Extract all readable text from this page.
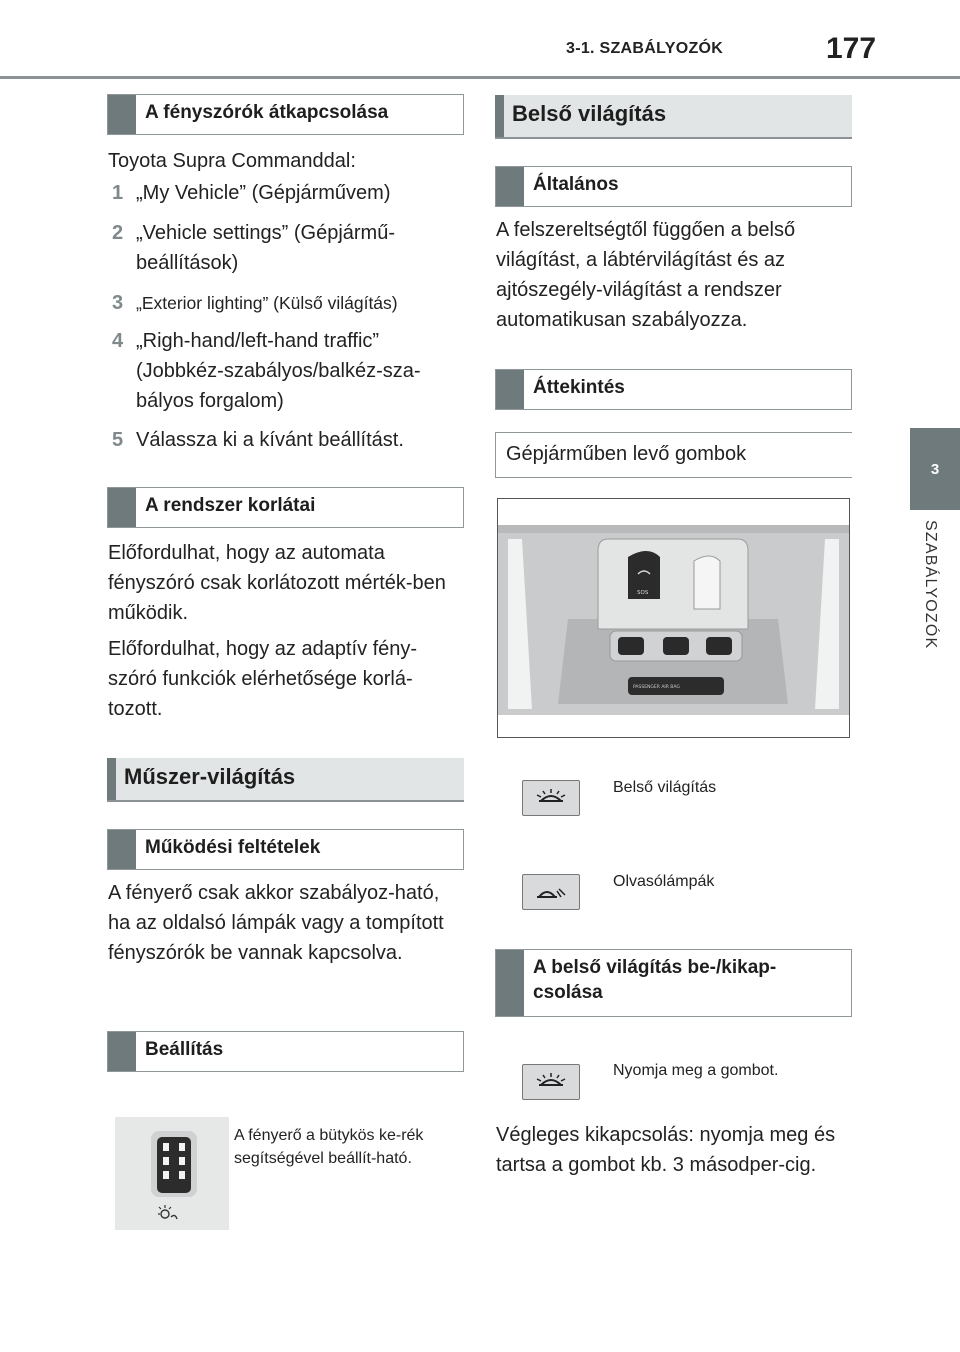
3-1. SZABÁLYOZÓK	177
3
SZABÁLYOZÓK
A fényszórók átkapcsolása
Toyota Supra Commanddal:
1 „My Vehicle” (Gépjárművem)
2 „Vehicle settings” (Gépjármű-beállítások)
3 „Exterior lighting” (Külső világítás)
4 „Righ-hand/left-hand traffic” (Jobbkéz-szabályos/balkéz-sza-bályos forgalom)
5 Válassza ki a kívánt beállítást.
A rendszer korlátai
Előfordulhat, hogy az automata fényszóró csak korlátozott mérték-ben működik.
Előfordulhat, hogy az adaptív fény-szóró funkciók elérhetősége korlá-tozott.
Műszer-világítás
Működési feltételek
A fényerő csak akkor szabályoz-ható, ha az oldalsó lámpák vagy a tompított fényszórók be vannak kapcsolva.
Beállítás
A fényerő a bütykös ke-rék segítségével beállít-ható.
Belső világítás
Általános
A felszereltségtől függően a belső világítást, a lábtérvilágítást és az ajtószegély-világítást a rendszer automatikusan szabályozza.
Áttekintés
Gépjárműben levő gombok
SOS
PASSENGER AIR BAG
Belső világítás
Olvasólámpák
A belső világítás be-/kikap-csolása
Nyomja meg a gombot.
Végleges kikapcsolás: nyomja meg és tartsa a gombot kb. 3 másodper-cig.
